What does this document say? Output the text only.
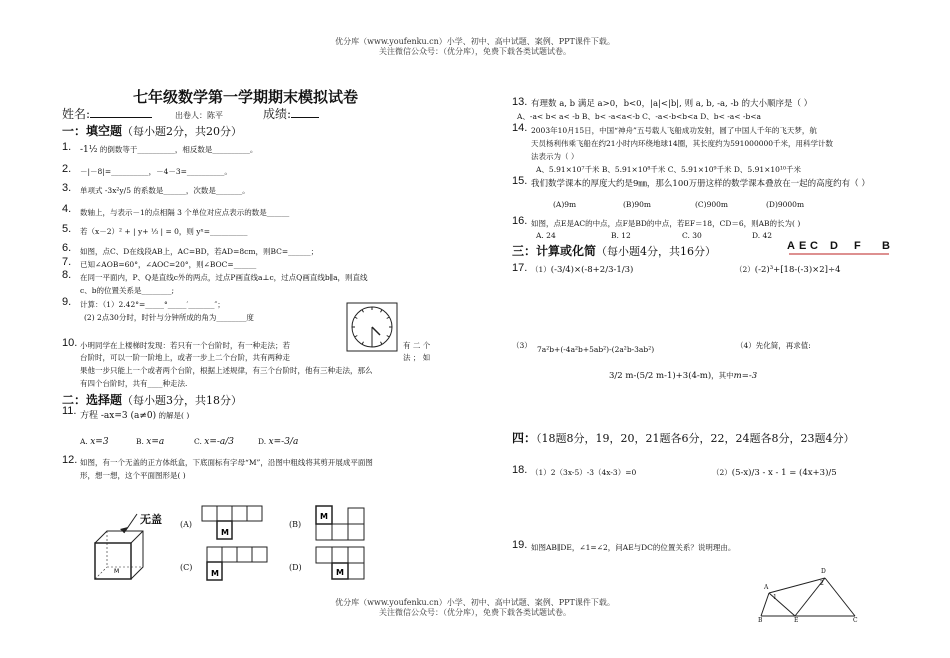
优分库（www.youfenku.cn）小学、初中、高中试题、案例、PPT课件下载。
关注微信公众号：（优分库），免费下载各类试题试卷。
七年级数学第一学期期末模拟试卷
姓名:	出卷人：陈平	成绩:
一：填空题（每小题2分，共20分）
1. -1½ 的倒数等于__________，相反数是__________。
2. －|－8|=__________，－4－3=__________。
3. 单项式 -3x²y/5 的系数是______，次数是_______。
4. 数轴上，与表示－1的点相隔 3 个单位对应点表示的数是______
5. 若（x－2）² + | y+ ⅓ | = 0，则 yˣ=__________
6. 如图，点C、D在线段AB上，AC=BD，若AD=8cm，则BC=______；
7. 已知∠AOB=60°，∠AOC=20°，则∠BOC=______
8. 在同一平面内，P、Q是直线c外的两点，过点P画直线a⊥c，过点Q画直线b∥a，则直线
c、b的位置关系是________;
9. 计算：（1）2.42°=_____°_____′_______″；
(2) 2点30分时，时针与分钟所成的角为________度
10. 小明同学在上楼梯时发现：若只有一个台阶时，有一种走法；若	有 二 个
台阶时，可以一阶一阶地上，或者一步上二个台阶，共有两种走	法 ； 如
果他一步只能上一个或者两个台阶，根据上述规律，有三个台阶时，他有三种走法，那么
有四个台阶时，共有____种走法.
二：选择题（每小题3分，共18分）
11. 方程 -ax=3 (a≠0) 的解是( )
A. x=3	B. x=a	C. x=-a/3	D. x=-3/a
12. 如图，有一个无盖的正方体纸盒，下底面标有字母“M”，沿图中粗线将其剪开展成平面图
形，想一想，这个平面图形是( )
无盖
M
(A)
M
(B)
M
(C)
M
(D)
M
13. 有理数 a, b 满足 a>0，b<0，|a|<|b|, 则 a, b, -a, -b 的大小顺序是（ ）
A、-a< b< a< -b B、b< -a<a<-b C、-a<-b<b<a D、b< -a< -b<a
14. 2003年10月15日，中国“神舟”五号载人飞船成功发射，圆了中国人千年的飞天梦，航
天员杨利伟乘飞船在约21小时内环绕地球14圈，其长度约为591000000千米，用科学计数
法表示为（ ）
A、5.91×10⁷千米 B、5.91×10⁸千米 C、5.91×10⁹千米 D、5.91×10¹⁰千米
15. 我们数学课本的厚度大约是9㎜，那么100万册这样的数学课本叠放在一起的高度约有（ ）
(A)9m	(B)90m	(C)900m	(D)9000m
16. 如图，点E是AC的中点，点F是BD的中点，若EF＝18，CD＝6，则AB的长为( )
A. 24	B. 12	C. 30	D. 42
三：计算或化简（每小题4分，共16分）	A E C D F B
17. （1）(-3/4)×(-8+2/3-1/3)	（2）(-2)³+[18-(-3)×2]÷4
（3） 7a²b+(-4a²b+5ab²)-(2a²b-3ab²)	（4）先化简，再求值:
3/2 m-(5/2 m-1)+3(4-m)，其中m=-3
四：（18题8分，19，20，21题各6分，22，24题各8分，23题4分）
18. （1）2（3x-5）-3（4x-3）=0	（2）(5-x)/3 - x - 1 = (4x+3)/5
19. 如图AB∥DE，∠1=∠2，问AE与DC的位置关系？说明理由。
A
1
D
2
B	E	C
优分库（www.youfenku.cn）小学、初中、高中试题、案例、PPT课件下载。
关注微信公众号：（优分库），免费下载各类试题试卷。
